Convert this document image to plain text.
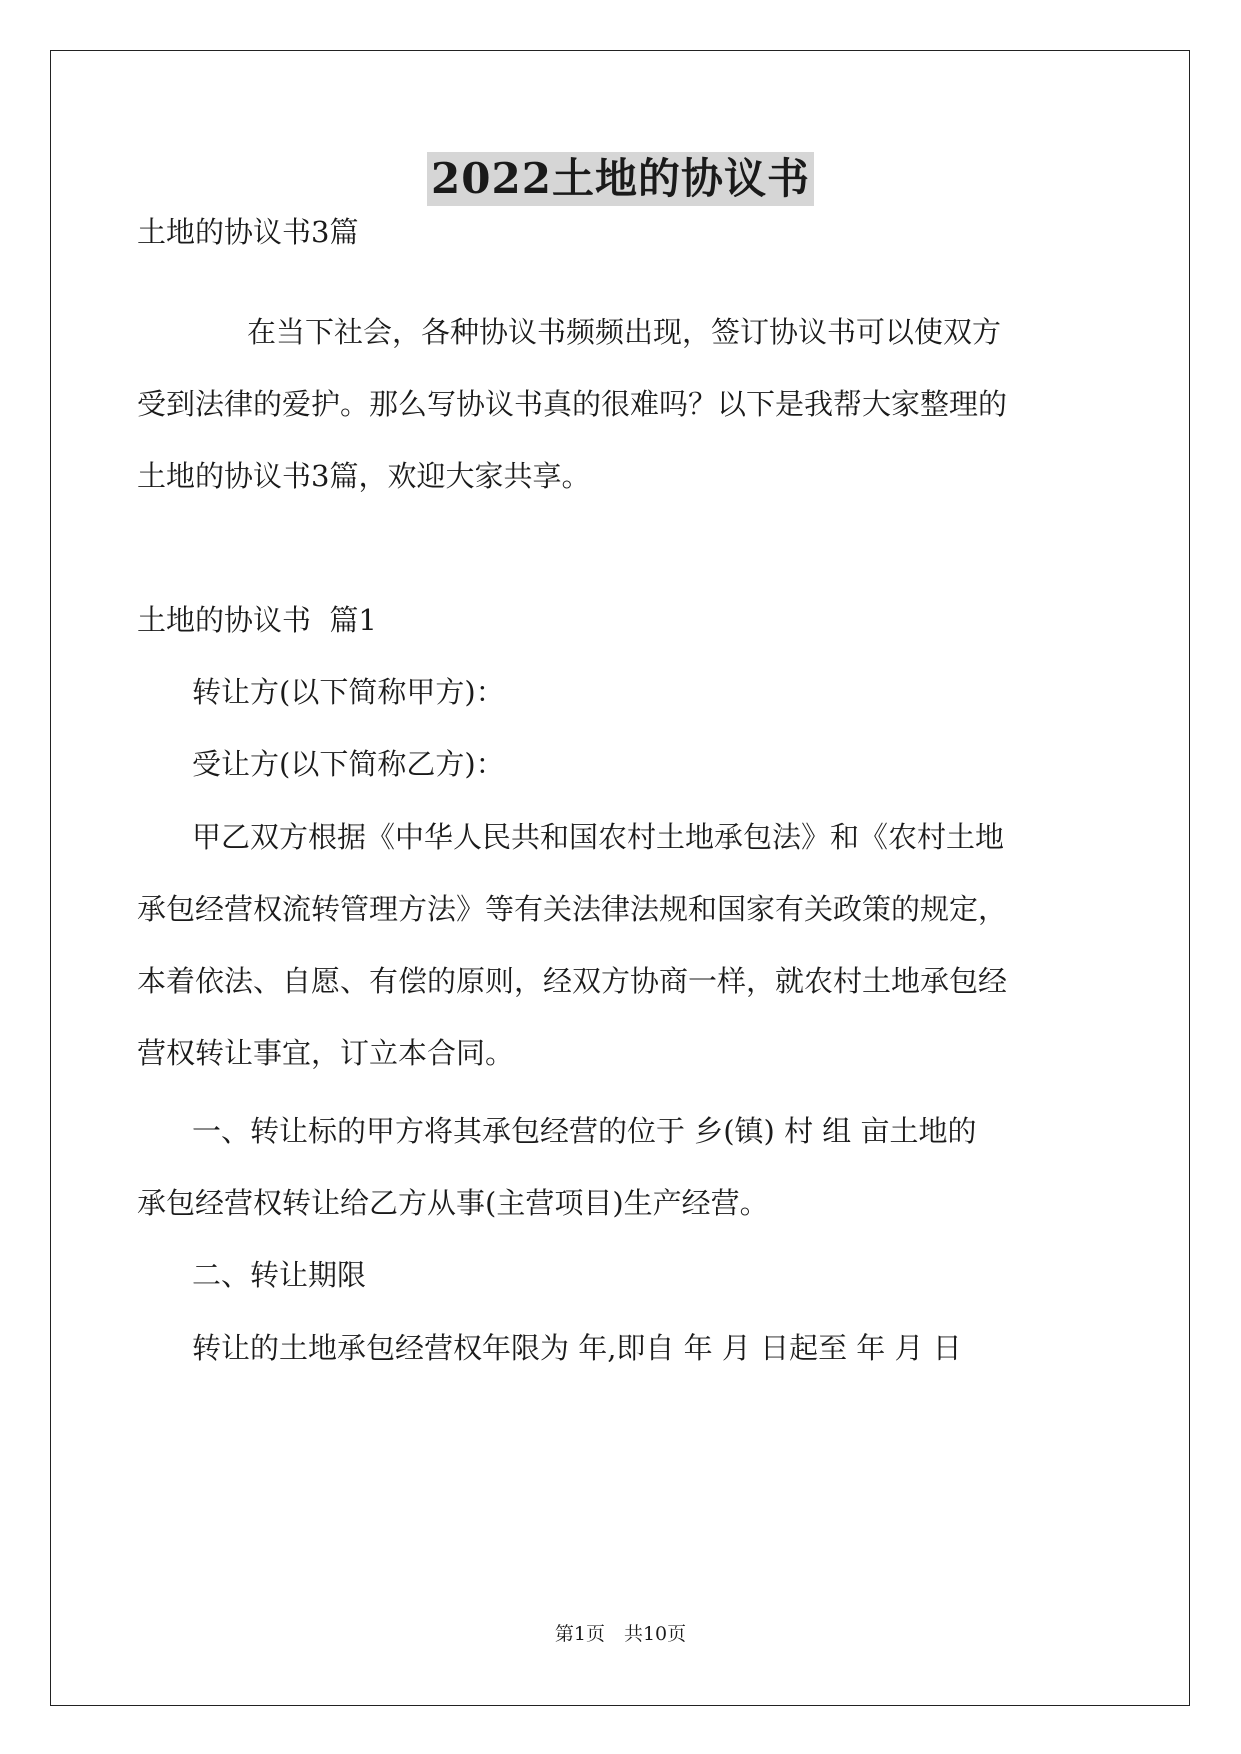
2022土地的协议书

土地的协议书3篇

在当下社会，各种协议书频频出现，签订协议书可以使双方

受到法律的爱护。那么写协议书真的很难吗？以下是我帮大家整理的

土地的协议书3篇，欢迎大家共享。

土地的协议书  篇1

转让方(以下简称甲方)：

受让方(以下简称乙方)：

甲乙双方根据《中华人民共和国农村土地承包法》和《农村土地

承包经营权流转管理方法》等有关法律法规和国家有关政策的规定，

本着依法、自愿、有偿的原则，经双方协商一样，就农村土地承包经

营权转让事宜，订立本合同。

一、转让标的甲方将其承包经营的位于 乡(镇) 村 组 亩土地的

承包经营权转让给乙方从事(主营项目)生产经营。

二、转让期限

转让的土地承包经营权年限为 年,即自 年 月 日起至 年 月 日

第1页　共10页
